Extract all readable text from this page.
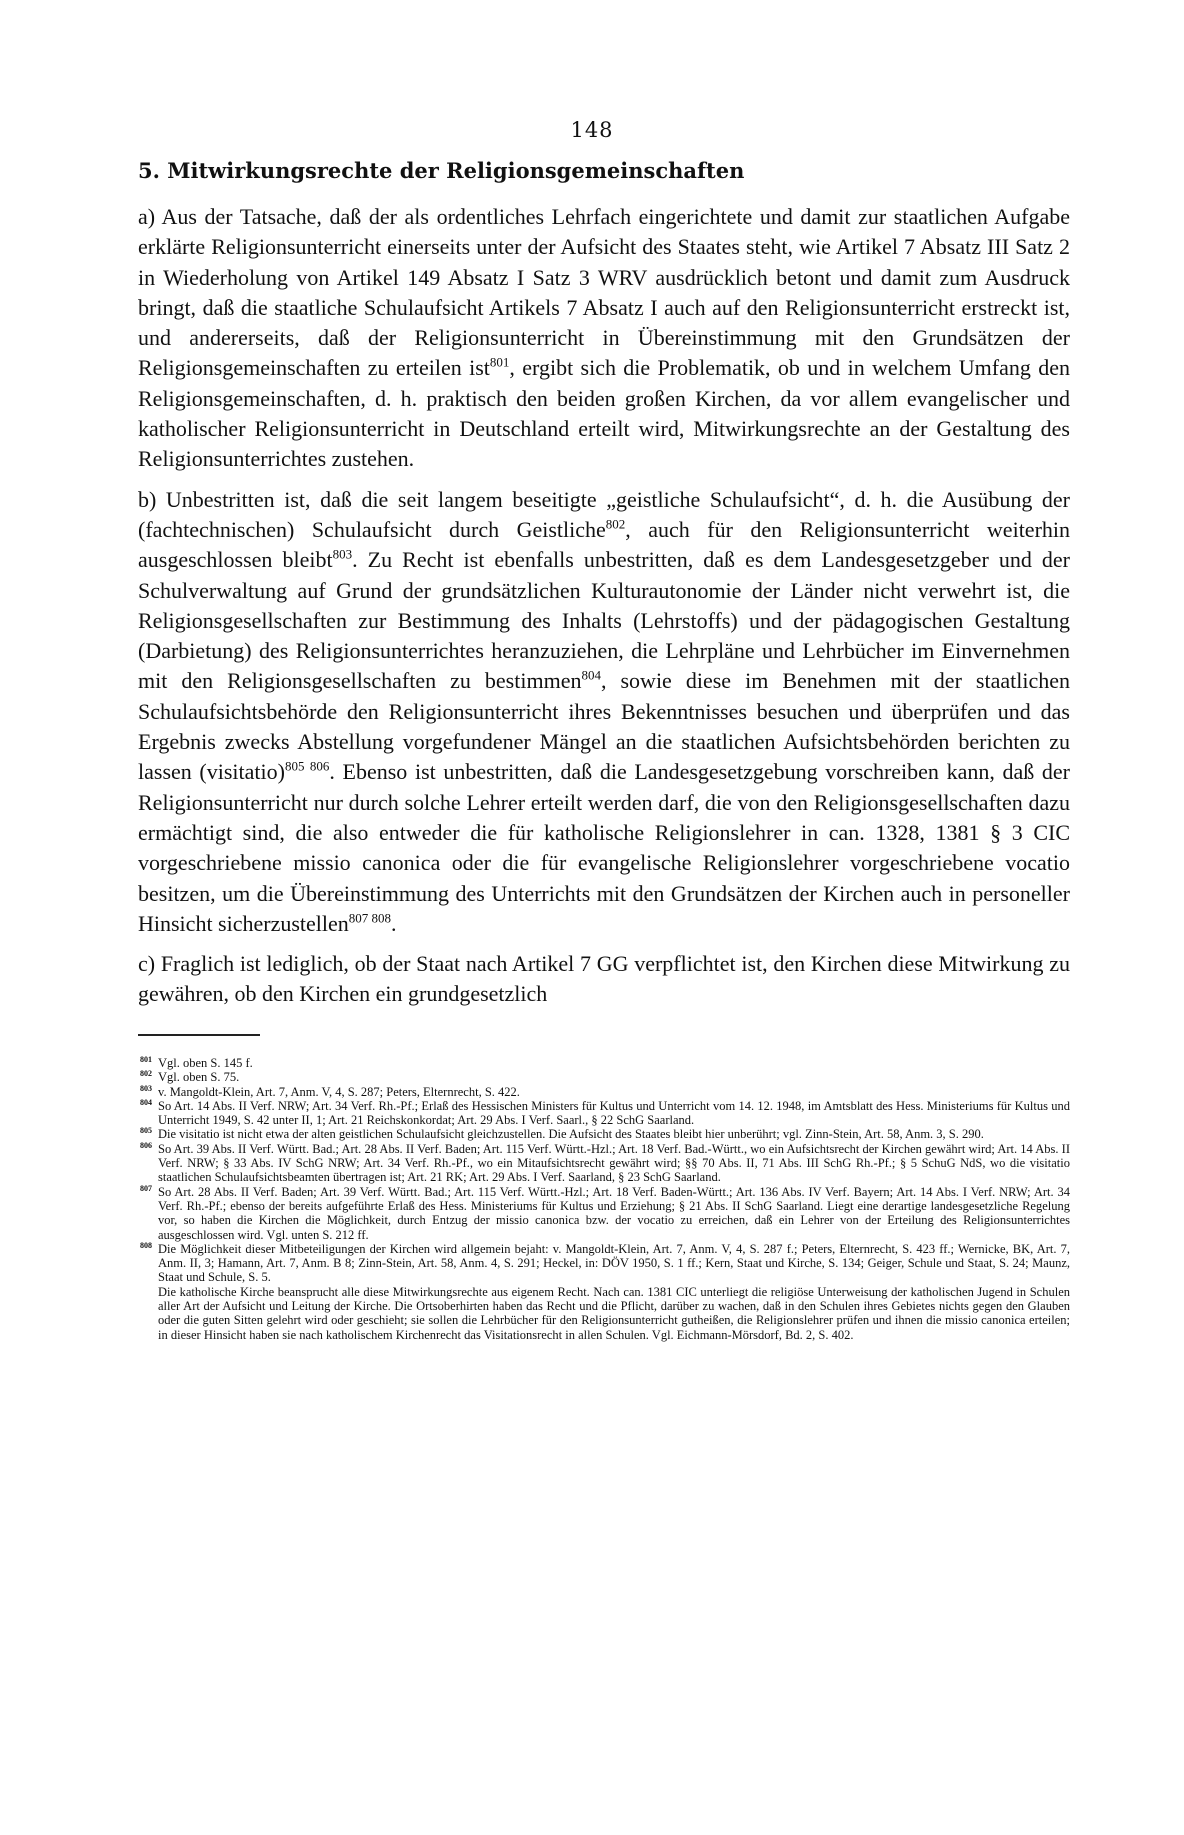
148
5. Mitwirkungsrechte der Religionsgemeinschaften

a) Aus der Tatsache, daß der als ordentliches Lehrfach eingerichtete und damit zur staatlichen Aufgabe erklärte Religionsunterricht einerseits unter der Aufsicht des Staates steht, wie Artikel 7 Absatz III Satz 2 in Wiederholung von Artikel 149 Absatz I Satz 3 WRV ausdrücklich betont und damit zum Ausdruck bringt, daß die staatliche Schulaufsicht Artikels 7 Absatz I auch auf den Religionsunterricht erstreckt ist, und andererseits, daß der Religionsunterricht in Übereinstimmung mit den Grundsätzen der Religionsgemeinschaften zu erteilen ist$^{801}$, ergibt sich die Problematik, ob und in welchem Umfang den Religionsgemeinschaften, d. h. praktisch den beiden großen Kirchen, da vor allem evangelischer und katholischer Religionsunterricht in Deutschland erteilt wird, Mitwirkungsrechte an der Gestaltung des Religionsunterrichtes zustehen.

b) Unbestritten ist, daß die seit langem beseitigte „geistliche Schulaufsicht“, d. h. die Ausübung der (fachtechnischen) Schulaufsicht durch Geistliche$^{802}$, auch für den Religionsunterricht weiterhin ausgeschlossen bleibt$^{803}$. Zu Recht ist ebenfalls unbestritten, daß es dem Landesgesetzgeber und der Schulverwaltung auf Grund der grundsätzlichen Kulturautonomie der Länder nicht verwehrt ist, die Religionsgesellschaften zur Bestimmung des Inhalts (Lehrstoffs) und der pädagogischen Gestaltung (Darbietung) des Religionsunterrichtes heranzuziehen, die Lehrpläne und Lehrbücher im Einvernehmen mit den Religionsgesellschaften zu bestimmen$^{804}$, sowie diese im Benehmen mit der staatlichen Schulaufsichtsbehörde den Religionsunterricht ihres Bekenntnisses besuchen und überprüfen und das Ergebnis zwecks Abstellung vorgefundener Mängel an die staatlichen Aufsichtsbehörden berichten zu lassen (visitatio)$^{805 806}$. Ebenso ist unbestritten, daß die Landesgesetzgebung vorschreiben kann, daß der Religionsunterricht nur durch solche Lehrer erteilt werden darf, die von den Religionsgesellschaften dazu ermächtigt sind, die also entweder die für katholische Religionslehrer in can. 1328, 1381 § 3 CIC vorgeschriebene missio canonica oder die für evangelische Religionslehrer vorgeschriebene vocatio besitzen, um die Übereinstimmung des Unterrichts mit den Grundsätzen der Kirchen auch in personeller Hinsicht sicherzustellen$^{807 808}$.

c) Fraglich ist lediglich, ob der Staat nach Artikel 7 GG verpflichtet ist, den Kirchen diese Mitwirkung zu gewähren, ob den Kirchen ein grundgesetzlich

801 Vgl. oben S. 145 f.
802 Vgl. oben S. 75.
803 v. Mangoldt-Klein, Art. 7, Anm. V, 4, S. 287; Peters, Elternrecht, S. 422.
804 So Art. 14 Abs. II Verf. NRW; Art. 34 Verf. Rh.-Pf.; Erlaß des Hessischen Ministers für Kultus und Unterricht vom 14. 12. 1948, im Amtsblatt des Hess. Ministeriums für Kultus und Unterricht 1949, S. 42 unter II, 1; Art. 21 Reichskonkordat; Art. 29 Abs. I Verf. Saarl., § 22 SchG Saarland.
805 Die visitatio ist nicht etwa der alten geistlichen Schulaufsicht gleichzustellen. Die Aufsicht des Staates bleibt hier unberührt; vgl. Zinn-Stein, Art. 58, Anm. 3, S. 290.
806 So Art. 39 Abs. II Verf. Württ. Bad.; Art. 28 Abs. II Verf. Baden; Art. 115 Verf. Württ.-Hzl.; Art. 18 Verf. Bad.-Württ., wo ein Aufsichtsrecht der Kirchen gewährt wird; Art. 14 Abs. II Verf. NRW; § 33 Abs. IV SchG NRW; Art. 34 Verf. Rh.-Pf., wo ein Mitaufsichtsrecht gewährt wird; §§ 70 Abs. II, 71 Abs. III SchG Rh.-Pf.; § 5 SchuG NdS, wo die visitatio staatlichen Schulaufsichtsbeamten übertragen ist; Art. 21 RK; Art. 29 Abs. I Verf. Saarland, § 23 SchG Saarland.
807 So Art. 28 Abs. II Verf. Baden; Art. 39 Verf. Württ. Bad.; Art. 115 Verf. Württ.-Hzl.; Art. 18 Verf. Baden-Württ.; Art. 136 Abs. IV Verf. Bayern; Art. 14 Abs. I Verf. NRW; Art. 34 Verf. Rh.-Pf.; ebenso der bereits aufgeführte Erlaß des Hess. Ministeriums für Kultus und Erziehung; § 21 Abs. II SchG Saarland. Liegt eine derartige landesgesetzliche Regelung vor, so haben die Kirchen die Möglichkeit, durch Entzug der missio canonica bzw. der vocatio zu erreichen, daß ein Lehrer von der Erteilung des Religionsunterrichtes ausgeschlossen wird. Vgl. unten S. 212 ff.
808 Die Möglichkeit dieser Mitbeteiligungen der Kirchen wird allgemein bejaht: v. Mangoldt-Klein, Art. 7, Anm. V, 4, S. 287 f.; Peters, Elternrecht, S. 423 ff.; Wernicke, BK, Art. 7, Anm. II, 3; Hamann, Art. 7, Anm. B 8; Zinn-Stein, Art. 58, Anm. 4, S. 291; Heckel, in: DÖV 1950, S. 1 ff.; Kern, Staat und Kirche, S. 134; Geiger, Schule und Staat, S. 24; Maunz, Staat und Schule, S. 5.

Die katholische Kirche beansprucht alle diese Mitwirkungsrechte aus eigenem Recht. Nach can. 1381 CIC unterliegt die religiöse Unterweisung der katholischen Jugend in Schulen aller Art der Aufsicht und Leitung der Kirche. Die Ortsoberhirten haben das Recht und die Pflicht, darüber zu wachen, daß in den Schulen ihres Gebietes nichts gegen den Glauben oder die guten Sitten gelehrt wird oder geschieht; sie sollen die Lehrbücher für den Religionsunterricht gutheißen, die Religionslehrer prüfen und ihnen die missio canonica erteilen; in dieser Hinsicht haben sie nach katholischem Kirchenrecht das Visitationsrecht in allen Schulen. Vgl. Eichmann-Mörsdorf, Bd. 2, S. 402.
